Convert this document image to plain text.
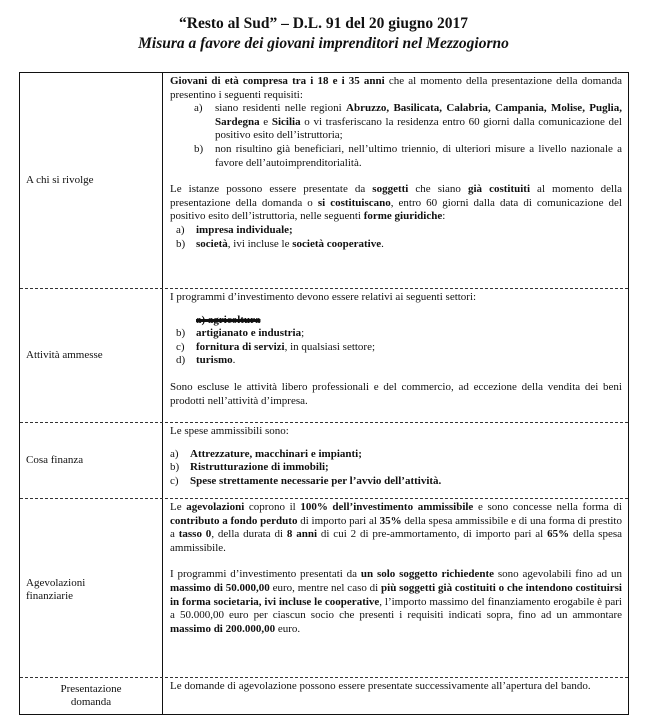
“Resto al Sud” – D.L. 91 del 20 giugno 2017
Misura a favore dei giovani imprenditori nel Mezzogiorno
A chi si rivolge

Giovani di età compresa tra i 18 e i 35 anni che al momento della presentazione della domanda presentino i seguenti requisiti:

a) siano residenti nelle regioni Abruzzo, Basilicata, Calabria, Campania, Molise, Puglia, Sardegna e Sicilia o vi trasferiscano la residenza entro 60 giorni dalla comunicazione del positivo esito dell’istruttoria;
b) non risultino già beneficiari, nell’ultimo triennio, di ulteriori misure a livello nazionale a favore dell’autoimprenditorialità.

Le istanze possono essere presentate da soggetti che siano già costituiti al momento della presentazione della domanda o si costituiscano, entro 60 giorni dalla data di comunicazione del positivo esito dell’istruttoria, nelle seguenti forme giuridiche:

a) impresa individuale;
b) società, ivi incluse le società cooperative.
Attività ammesse

I programmi d’investimento devono essere relativi ai seguenti settori:

a) agricoltura
b) artigianato e industria;
c) fornitura di servizi, in qualsiasi settore;
d) turismo.

Sono escluse le attività libero professionali e del commercio, ad eccezione della vendita dei beni prodotti nell’attività d’impresa.

Cosa finanza

Le spese ammissibili sono:

a) Attrezzature, macchinari e impianti;
b) Ristrutturazione di immobili;
c) Spese strettamente necessarie per l’avvio dell’attività.
Agevolazioni
finanziarie

Le agevolazioni coprono il 100% dell’investimento ammissibile e sono concesse nella forma di contributo a fondo perduto di importo pari al 35% della spesa ammissibile e di una forma di prestito a tasso 0, della durata di 8 anni di cui 2 di pre-ammortamento, di importo pari al 65% della spesa ammissibile.

I programmi d’investimento presentati da un solo soggetto richiedente sono agevolabili fino ad un massimo di 50.000,00 euro, mentre nel caso di più soggetti già costituiti o che intendono costituirsi in forma societaria, ivi incluse le cooperative, l’importo massimo del finanziamento erogabile è pari a 50.000,00 euro per ciascun socio che presenti i requisiti indicati sopra, fino ad un ammontare massimo di 200.000,00 euro.

Presentazione
domanda

Le domande di agevolazione possono essere presentate successivamente all’apertura del bando.
